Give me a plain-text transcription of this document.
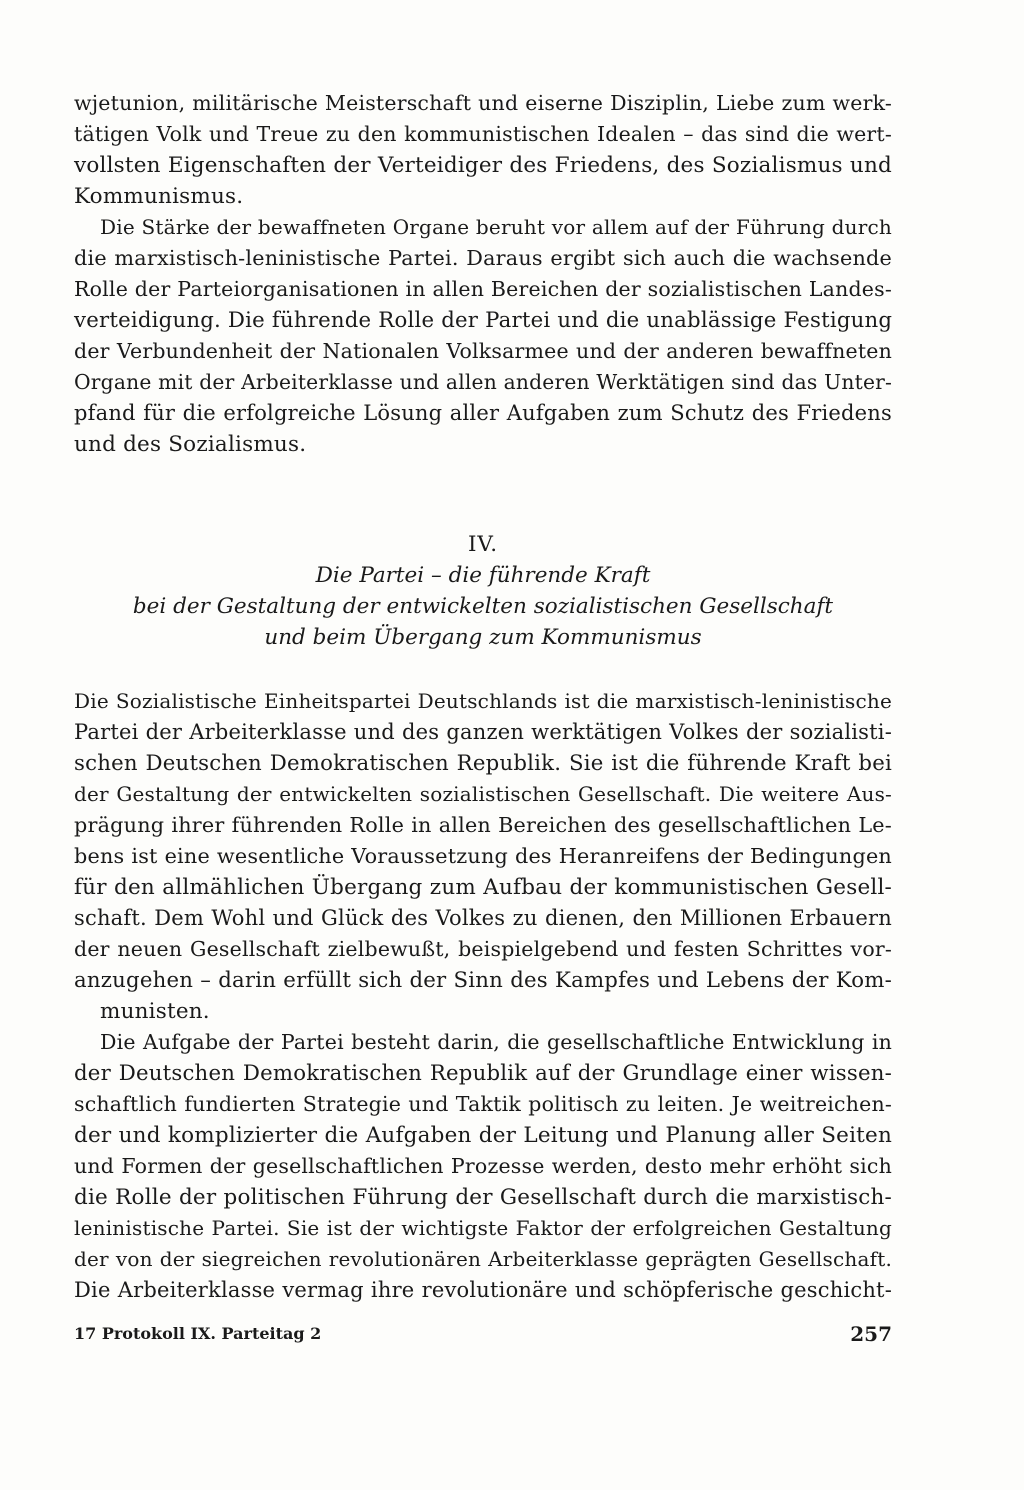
wjetunion, militärische Meisterschaft und eiserne Disziplin, Liebe zum werk-
tätigen Volk und Treue zu den kommunistischen Idealen – das sind die wert-
vollsten Eigenschaften der Verteidiger des Friedens, des Sozialismus und
Kommunismus.
Die Stärke der bewaffneten Organe beruht vor allem auf der Führung durch
die marxistisch-leninistische Partei. Daraus ergibt sich auch die wachsende
Rolle der Parteiorganisationen in allen Bereichen der sozialistischen Landes-
verteidigung. Die führende Rolle der Partei und die unablässige Festigung
der Verbundenheit der Nationalen Volksarmee und der anderen bewaffneten
Organe mit der Arbeiterklasse und allen anderen Werktätigen sind das Unter-
pfand für die erfolgreiche Lösung aller Aufgaben zum Schutz des Friedens
und des Sozialismus.
IV.
Die Partei – die führende Kraft
bei der Gestaltung der entwickelten sozialistischen Gesellschaft
und beim Übergang zum Kommunismus
Die Sozialistische Einheitspartei Deutschlands ist die marxistisch-leninistische
Partei der Arbeiterklasse und des ganzen werktätigen Volkes der sozialisti-
schen Deutschen Demokratischen Republik. Sie ist die führende Kraft bei
der Gestaltung der entwickelten sozialistischen Gesellschaft. Die weitere Aus-
prägung ihrer führenden Rolle in allen Bereichen des gesellschaftlichen Le-
bens ist eine wesentliche Voraussetzung des Heranreifens der Bedingungen
für den allmählichen Übergang zum Aufbau der kommunistischen Gesell-
schaft. Dem Wohl und Glück des Volkes zu dienen, den Millionen Erbauern
der neuen Gesellschaft zielbewußt, beispielgebend und festen Schrittes vor-
anzugehen – darin erfüllt sich der Sinn des Kampfes und Lebens der Kom-
munisten.
Die Aufgabe der Partei besteht darin, die gesellschaftliche Entwicklung in
der Deutschen Demokratischen Republik auf der Grundlage einer wissen-
schaftlich fundierten Strategie und Taktik politisch zu leiten. Je weitreichen-
der und komplizierter die Aufgaben der Leitung und Planung aller Seiten
und Formen der gesellschaftlichen Prozesse werden, desto mehr erhöht sich
die Rolle der politischen Führung der Gesellschaft durch die marxistisch-
leninistische Partei. Sie ist der wichtigste Faktor der erfolgreichen Gestaltung
der von der siegreichen revolutionären Arbeiterklasse geprägten Gesellschaft.
Die Arbeiterklasse vermag ihre revolutionäre und schöpferische geschicht-
17 Protokoll IX. Parteitag 2	257
